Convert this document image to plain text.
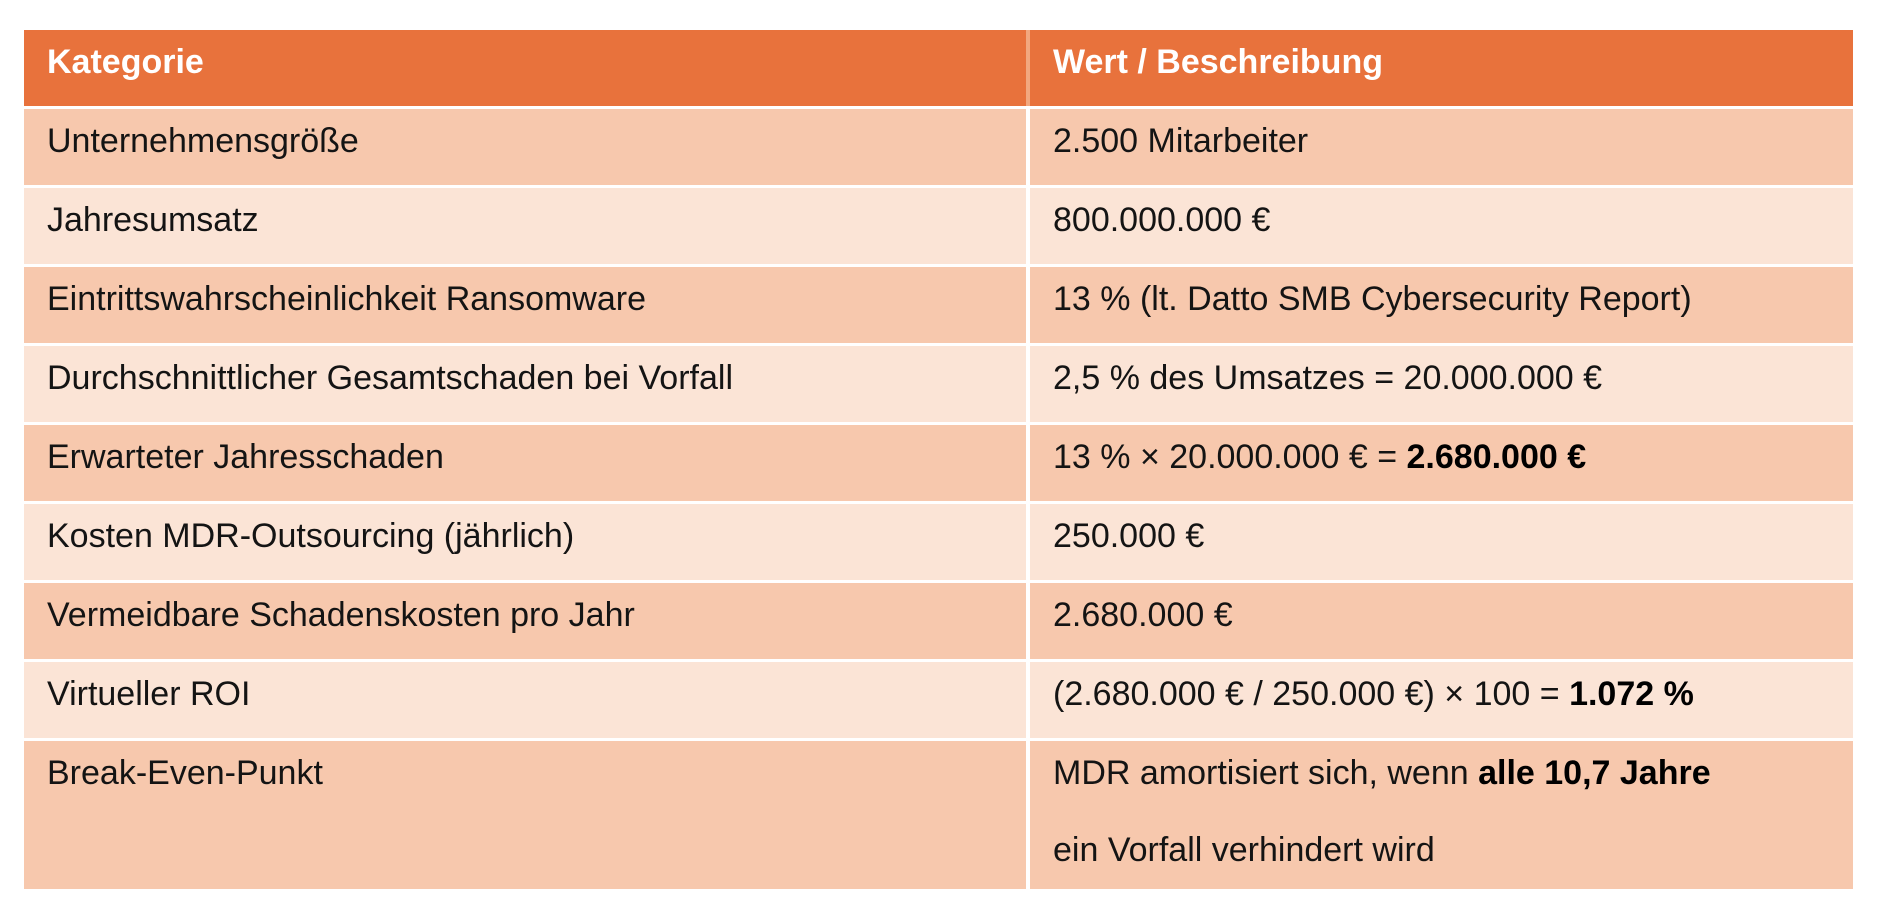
Kategorie	Wert / Beschreibung
Unternehmensgröße	2.500 Mitarbeiter
Jahresumsatz	800.000.000 €
Eintrittswahrscheinlichkeit Ransomware	13 % (lt. Datto SMB Cybersecurity Report)
Durchschnittlicher Gesamtschaden bei Vorfall	2,5 % des Umsatzes = 20.000.000 €
Erwarteter Jahresschaden	13 % × 20.000.000 € = 2.680.000 €
Kosten MDR-Outsourcing (jährlich)	250.000 €
Vermeidbare Schadenskosten pro Jahr	2.680.000 €
Virtueller ROI	(2.680.000 € / 250.000 €) × 100 = 1.072 %
Break-Even-Punkt	MDR amortisiert sich, wenn alle 10,7 Jahre
ein Vorfall verhindert wird
